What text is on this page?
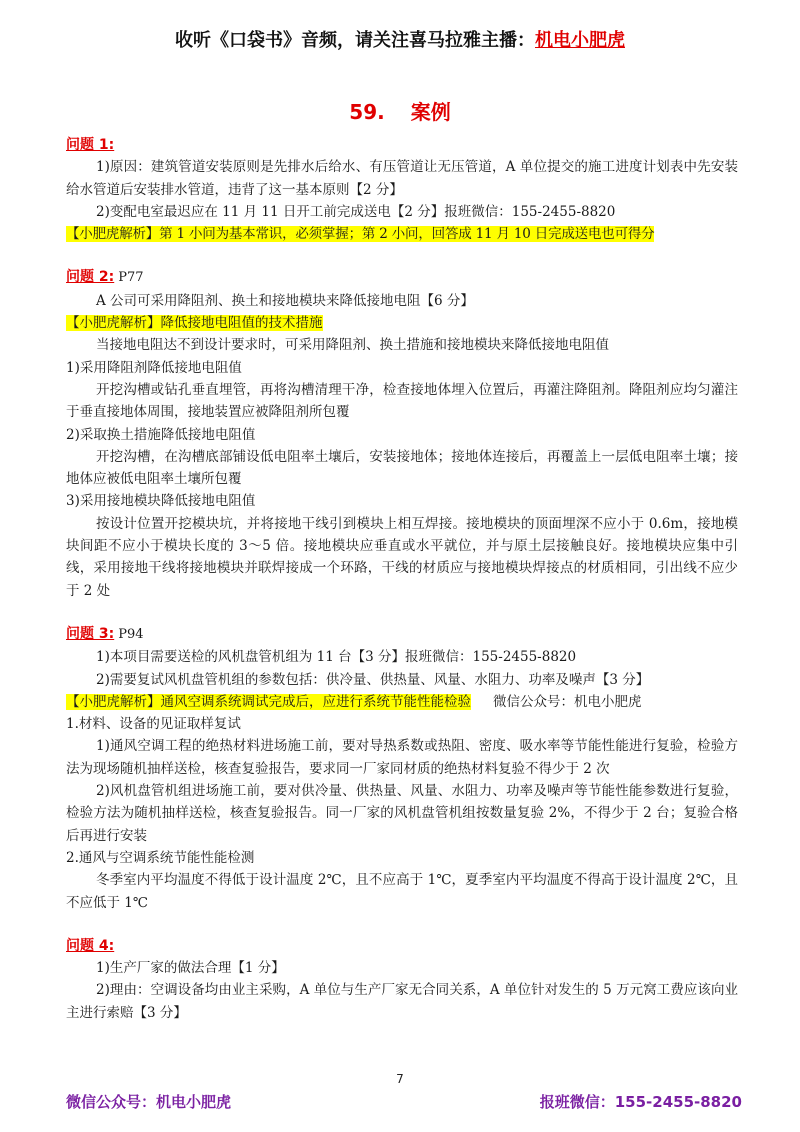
收听《口袋书》音频，请关注喜马拉雅主播：机电小肥虎
59. 案例
问题 1:
1)原因：建筑管道安装原则是先排水后给水、有压管道让无压管道，A 单位提交的施工进度计划表中先安装给水管道后安装排水管道，违背了这一基本原则【2 分】
2)变配电室最迟应在 11 月 11 日开工前完成送电【2 分】报班微信：155-2455-8820
【小肥虎解析】第 1 小问为基本常识，必须掌握；第 2 小问，回答成 11 月 10 日完成送电也可得分
问题 2: P77
A 公司可采用降阻剂、换土和接地模块来降低接地电阻【6 分】
【小肥虎解析】降低接地电阻值的技术措施
当接地电阻达不到设计要求时，可采用降阻剂、换土措施和接地模块来降低接地电阻值
1)采用降阻剂降低接地电阻值
开挖沟槽或钻孔垂直埋管，再将沟槽清理干净，检查接地体埋入位置后，再灌注降阻剂。降阻剂应均匀灌注于垂直接地体周围，接地装置应被降阻剂所包覆
2)采取换土措施降低接地电阻值
开挖沟槽，在沟槽底部铺设低电阻率土壤后，安装接地体；接地体连接后，再覆盖上一层低电阻率土壤；接地体应被低电阻率土壤所包覆
3)采用接地模块降低接地电阻值
按设计位置开挖模块坑，并将接地干线引到模块上相互焊接。接地模块的顶面埋深不应小于 0.6m，接地模块间距不应小于模块长度的 3～5 倍。接地模块应垂直或水平就位，并与原土层接触良好。接地模块应集中引线，采用接地干线将接地模块并联焊接成一个环路，干线的材质应与接地模块焊接点的材质相同，引出线不应少于 2 处
问题 3: P94
1)本项目需要送检的风机盘管机组为 11 台【3 分】报班微信：155-2455-8820
2)需要复试风机盘管机组的参数包括：供冷量、供热量、风量、水阻力、功率及噪声【3 分】
【小肥虎解析】通风空调系统调试完成后，应进行系统节能性能检验 微信公众号：机电小肥虎
1.材料、设备的见证取样复试
1)通风空调工程的绝热材料进场施工前，要对导热系数或热阻、密度、吸水率等节能性能进行复验，检验方法为现场随机抽样送检，核查复验报告，要求同一厂家同材质的绝热材料复验不得少于 2 次
2)风机盘管机组进场施工前，要对供冷量、供热量、风量、水阻力、功率及噪声等节能性能参数进行复验，检验方法为随机抽样送检，核查复验报告。同一厂家的风机盘管机组按数量复验 2%，不得少于 2 台；复验合格后再进行安装
2.通风与空调系统节能性能检测
冬季室内平均温度不得低于设计温度 2℃，且不应高于 1℃，夏季室内平均温度不得高于设计温度 2℃，且不应低于 1℃
问题 4:
1)生产厂家的做法合理【1 分】
2)理由：空调设备均由业主采购，A 单位与生产厂家无合同关系，A 单位针对发生的 5 万元窝工费应该向业主进行索赔【3 分】
7
微信公众号：机电小肥虎	报班微信：155-2455-8820
